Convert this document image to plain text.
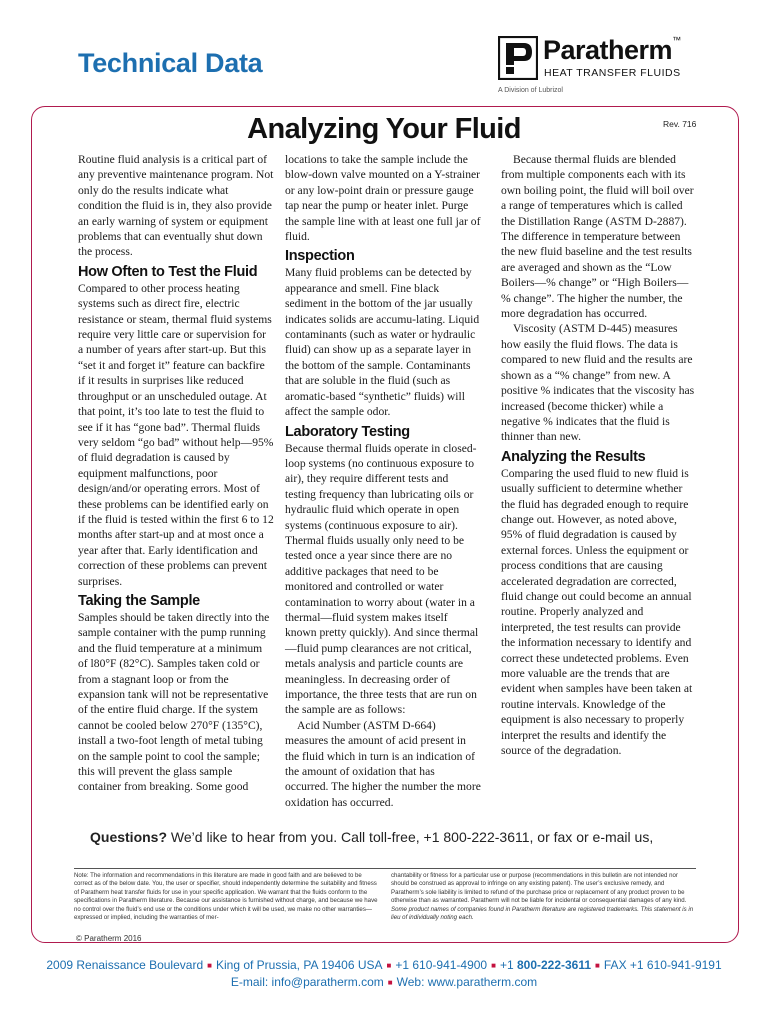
Technical Data	Paratherm™
HEAT TRANSFER FLUIDS
A Division of Lubrizol
Analyzing Your Fluid	Rev. 716

Routine fluid analysis is a critical part of any preventive maintenance program. Not only do the results indicate what condition the fluid is in, they also provide an early warning of system or equipment problems that can eventually shut down the process.

How Often to Test the Fluid

Compared to other process heating systems such as direct fire, electric resistance or steam, thermal fluid systems require very little care or supervision for a number of years after start-up. But this “set it and forget it” feature can backfire if it results in surprises like reduced throughput or an unscheduled outage. At that point, it’s too late to test the fluid to see if it has “gone bad”. Thermal fluids very seldom “go bad” without help—95% of fluid degradation is caused by equipment malfunctions, poor design/and/or operating errors. Most of these problems can be identified early on if the fluid is tested within the first 6 to 12 months after start-up and at most once a year after that. Early identification and correction of these problems can prevent surprises.

Taking the Sample

Samples should be taken directly into the sample container with the pump running and the fluid temperature at a minimum of l80°F (82°C). Samples taken cold or from a stagnant loop or from the expansion tank will not be representative of the entire fluid charge. If the system cannot be cooled below 270°F (135°C), install a two-foot length of metal tubing on the sample point to cool the sample; this will prevent the glass sample container from breaking. Some good

locations to take the sample include the blow-down valve mounted on a Y-strainer or any low-point drain or pressure gauge tap near the pump or heater inlet. Purge the sample line with at least one full jar of fluid.

Inspection

Many fluid problems can be detected by appearance and smell. Fine black sediment in the bottom of the jar usually indicates solids are accumu-lating. Liquid contaminants (such as water or hydraulic fluid) can show up as a separate layer in the bottom of the sample. Contaminants that are soluble in the fluid (such as aromatic-based “synthetic” fluids) will affect the sample odor.

Laboratory Testing

Because thermal fluids operate in closed-loop systems (no continuous exposure to air), they require different tests and testing frequency than lubricating oils or hydraulic fluid which operate in open systems (continuous exposure to air). Thermal fluids usually only need to be tested once a year since there are no additive packages that need to be monitored and controlled or water contamination to worry about (water in a thermal—fluid system makes itself known pretty quickly). And since thermal—fluid pump clearances are not critical, metals analysis and particle counts are meaningless. In decreasing order of importance, the three tests that are run on the sample are as follows:

Acid Number (ASTM D-664) measures the amount of acid present in the fluid which in turn is an indication of the amount of oxidation that has occurred. The higher the number the more oxidation has occurred.

Because thermal fluids are blended from multiple components each with its own boiling point, the fluid will boil over a range of temperatures which is called the Distillation Range (ASTM D-2887). The difference in temperature between the new fluid baseline and the test results are averaged and shown as the “Low Boilers—% change” or “High Boilers—% change”. The higher the number, the more degradation has occurred.

Viscosity (ASTM D-445) measures how easily the fluid flows. The data is compared to new fluid and the results are shown as a “% change” from new. A positive % indicates that the viscosity has increased (become thicker) while a negative % indicates that the fluid is thinner than new.

Analyzing the Results

Comparing the used fluid to new fluid is usually sufficient to determine whether the fluid has degraded enough to require change out. However, as noted above, 95% of fluid degradation is caused by external forces. Unless the equipment or process conditions that are causing accelerated degradation are corrected, fluid change out could become an annual routine. Properly analyzed and interpreted, the test results can provide the information necessary to identify and correct these undetected problems. Even more valuable are the trends that are evident when samples have been taken at routine intervals. Knowledge of the equipment is also necessary to properly interpret the results and identify the source of the degradation.

Questions? We’d like to hear from you. Call toll-free, +1 800-222-3611, or fax or e-mail us,
Note: The information and recommendations in this literature are made in good faith and are believed to be correct as of the below date. You, the user or specifier, should independently determine the suitability and fitness of Paratherm heat transfer fluids for use in your specific application. We warrant that the fluids conform to the specifications in Paratherm literature. Because our assistance is furnished without charge, and because we have no control over the fluid’s end use or the conditions under which it will be used, we make no other warranties—expressed or implied, including the warranties of mer-
chantability or fitness for a particular use or purpose (recommendations in this bulletin are not intended nor should be construed as approval to infringe on any existing patent). The user’s exclusive remedy, and Paratherm’s sole liability is limited to refund of the purchase price or replacement of any product proven to be otherwise than as warranted. Paratherm will not be liable for incidental or consequential damages of any kind. Some product names of companies found in Paratherm literature are registered trademarks. This statement is in lieu of individually noting each.
© Paratherm 2016
2009 Renaissance Boulevard ■ King of Prussia, PA 19406 USA ■ +1 610-941-4900 ■ +1 800-222-3611 ■ FAX +1 610-941-9191
E-mail: info@paratherm.com ■ Web: www.paratherm.com
